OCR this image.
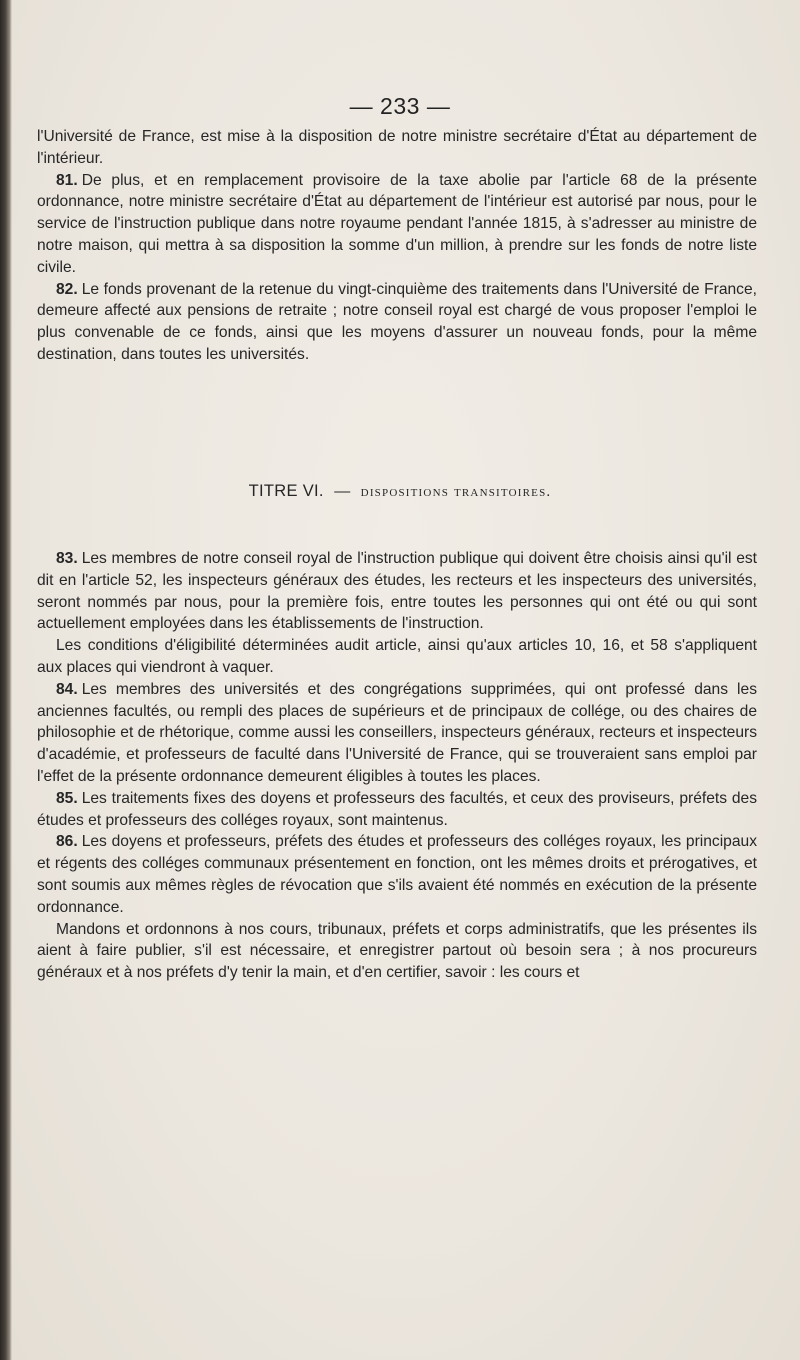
— 233 —

l'Université de France, est mise à la disposition de notre ministre secrétaire d'État au département de l'intérieur.

81. De plus, et en remplacement provisoire de la taxe abolie par l'article 68 de la présente ordonnance, notre ministre secrétaire d'État au département de l'intérieur est autorisé par nous, pour le service de l'instruction publique dans notre royaume pendant l'année 1815, à s'adresser au ministre de notre maison, qui mettra à sa disposition la somme d'un million, à prendre sur les fonds de notre liste civile.

82. Le fonds provenant de la retenue du vingt-cinquième des traitements dans l'Université de France, demeure affecté aux pensions de retraite ; notre conseil royal est chargé de vous proposer l'emploi le plus convenable de ce fonds, ainsi que les moyens d'assurer un nouveau fonds, pour la même destination, dans toutes les universités.

TITRE VI. — dispositions transitoires.

83. Les membres de notre conseil royal de l'instruction publique qui doivent être choisis ainsi qu'il est dit en l'article 52, les inspecteurs généraux des études, les recteurs et les inspecteurs des universités, seront nommés par nous, pour la première fois, entre toutes les personnes qui ont été ou qui sont actuellement employées dans les établissements de l'instruction.

Les conditions d'éligibilité déterminées audit article, ainsi qu'aux articles 10, 16, et 58 s'appliquent aux places qui viendront à vaquer.

84. Les membres des universités et des congrégations supprimées, qui ont professé dans les anciennes facultés, ou rempli des places de supérieurs et de principaux de collége, ou des chaires de philosophie et de rhétorique, comme aussi les conseillers, inspecteurs généraux, recteurs et inspecteurs d'académie, et professeurs de faculté dans l'Université de France, qui se trouveraient sans emploi par l'effet de la présente ordonnance demeurent éligibles à toutes les places.

85. Les traitements fixes des doyens et professeurs des facultés, et ceux des proviseurs, préfets des études et professeurs des colléges royaux, sont maintenus.

86. Les doyens et professeurs, préfets des études et professeurs des colléges royaux, les principaux et régents des colléges communaux présentement en fonction, ont les mêmes droits et prérogatives, et sont soumis aux mêmes règles de révocation que s'ils avaient été nommés en exécution de la présente ordonnance.

Mandons et ordonnons à nos cours, tribunaux, préfets et corps administratifs, que les présentes ils aient à faire publier, s'il est nécessaire, et enregistrer partout où besoin sera ; à nos procureurs généraux et à nos préfets d'y tenir la main, et d'en certifier, savoir : les cours et
